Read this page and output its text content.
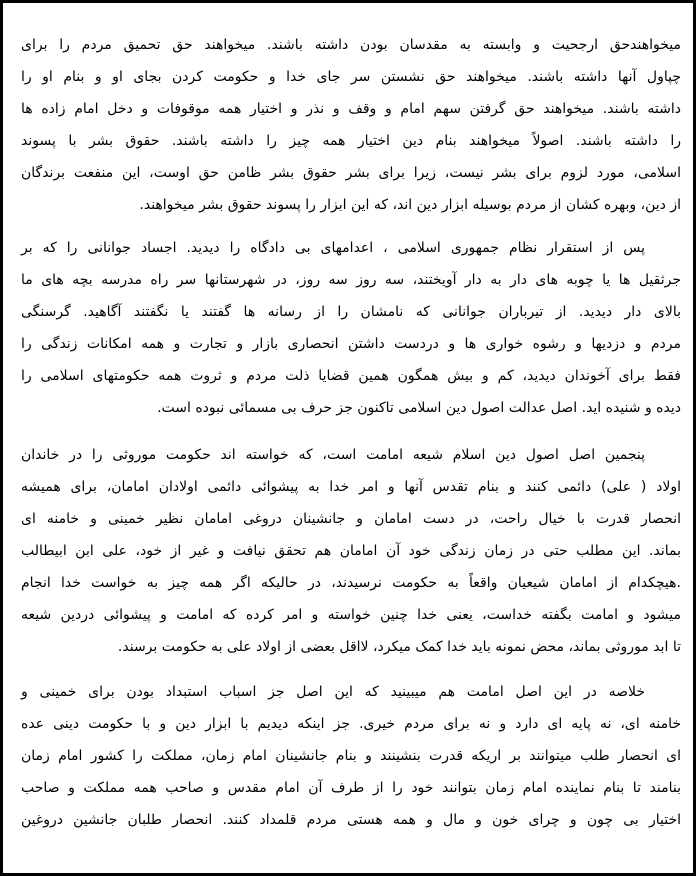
میخواهندحق ارجحیت و وابسته به مقدسان بودن داشته باشند. میخواهند حق تحمیق مردم را برای
چپاول آنها داشته باشند. میخواهند حق نشستن سر جای خدا و حکومت کردن بجای او و بنام او را
داشته باشند. میخواهند حق گرفتن سهم امام و وقف و نذر و اختیار همه موقوفات و دخل امام زاده ها
را داشته باشند. اصولاً میخواهند بنام دین اختیار همه چیز را داشته باشند. حقوق بشر با پسوند
اسلامی، مورد لزوم برای بشر نیست، زیرا برای بشر حقوق بشر ظامن حق اوست، این منفعت برندگان
از دین، وبهره کشان از مردم بوسیله ابزار دین اند، که این ابزار را پسوند حقوق بشر میخواهند.
پس از استقرار نظام جمهوری اسلامی ، اعدامهای بی دادگاه را دیدید. اجساد جوانانی را که بر
جرثقیل ها یا چوبه های دار به دار آویختند، سه روز سه روز، در شهرستانها سر راه مدرسه بچه های ما
بالای دار دیدید. از تیرباران جوانانی که نامشان را از رسانه ها گفتند یا نگفتند آگاهید. گرسنگی
مردم و دزدیها و رشوه خواری ها و دردست داشتن انحصاری بازار و تجارت و همه امکانات زندگی را
فقط برای آخوندان دیدید، کم و بیش همگون همین قضایا ذلت مردم و ثروت همه حکومتهای اسلامی را
دیده و شنیده اید. اصل عدالت اصول دین اسلامی تاکنون جز حرف بی مسمائی نبوده است.
پنجمین اصل اصول دین اسلام شیعه امامت است، که خواسته اند حکومت موروثی را در خاندان
اولاد ( علی) دائمی کنند و بنام تقدس آنها و امر خدا به پیشوائی دائمی اولادان امامان، برای همیشه
انحصار قدرت با خیال راحت، در دست امامان و جانشینان دروغی امامان نظیر خمینی و خامنه ای
بماند. این مطلب حتی در زمان زندگی خود آن امامان هم تحقق نیافت و غیر از خود، علی ابن ابیطالب
.هیچکدام از امامان شیعیان واقعاً به حکومت نرسیدند، در حالیکه اگر همه چیز به خواست خدا انجام
میشود و امامت بگفته خداست، یعنی خدا چنین خواسته و امر کرده که امامت و پیشوائی دردین شیعه
تا ابد موروثی بماند، محض نمونه باید خدا کمک میکرد، لااقل بعضی از اولاد علی به حکومت برسند.
خلاصه در این اصل امامت هم میبینید که این اصل جز اسباب استبداد بودن برای خمینی و
خامنه ای، نه پایه ای دارد و نه برای مردم خیری. جز اینکه دیدیم با ابزار دین و با حکومت دینی عده
ای انحصار طلب میتوانند بر اریکه قدرت بنشینند و بنام جانشینان امام زمان، مملکت را کشور امام زمان
بنامند تا بنام نماینده امام زمان بتوانند خود را از طرف آن امام مقدس و صاحب همه مملکت و صاحب
اختیار بی چون و چرای خون و مال و همه هستی مردم قلمداد کنند. انحصار طلبان جانشین دروغین
